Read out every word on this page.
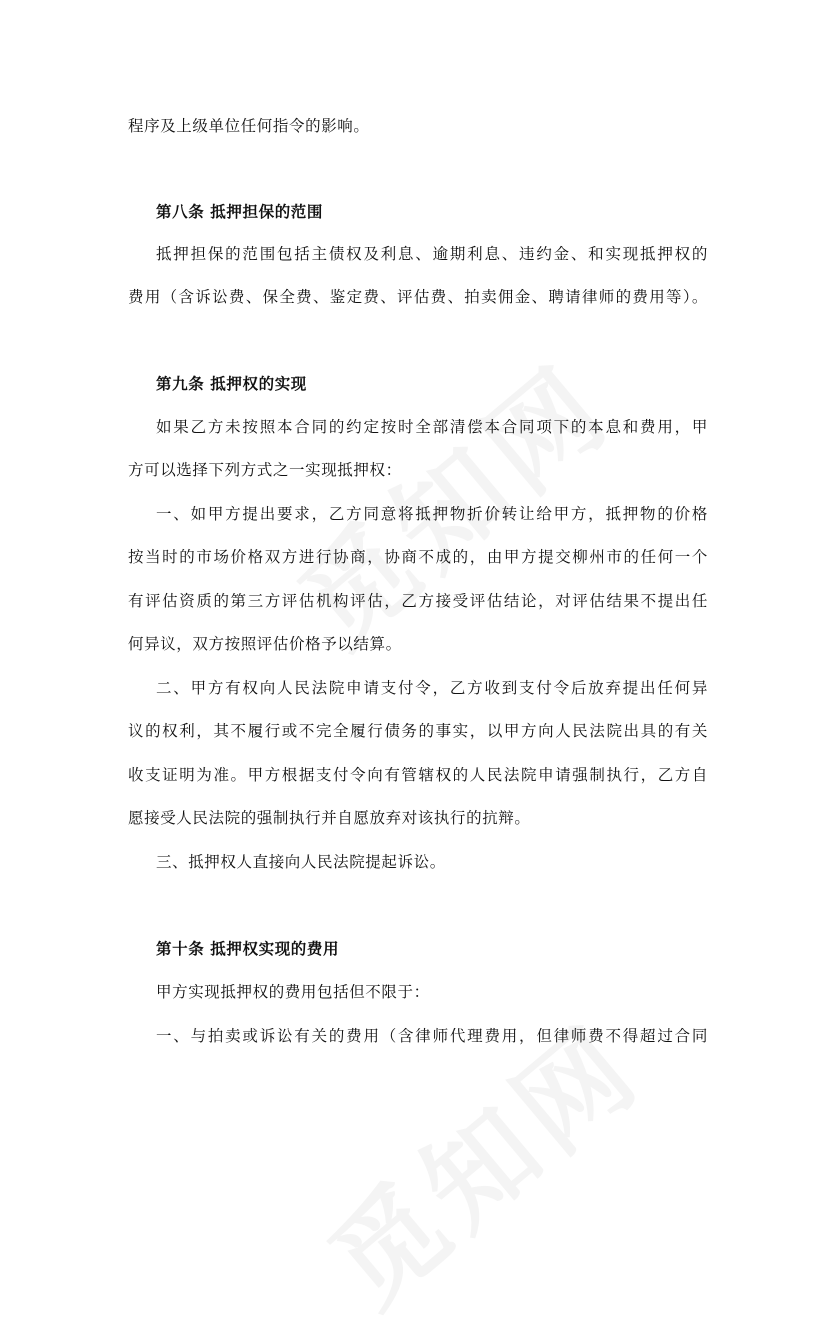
程序及上级单位任何指令的影响。
第八条 抵押担保的范围
抵押担保的范围包括主债权及利息、逾期利息、违约金、和实现抵押权的
费用（含诉讼费、保全费、鉴定费、评估费、拍卖佣金、聘请律师的费用等）。
第九条 抵押权的实现
如果乙方未按照本合同的约定按时全部清偿本合同项下的本息和费用，甲
方可以选择下列方式之一实现抵押权：
一、如甲方提出要求，乙方同意将抵押物折价转让给甲方，抵押物的价格
按当时的市场价格双方进行协商，协商不成的，由甲方提交柳州市的任何一个
有评估资质的第三方评估机构评估，乙方接受评估结论，对评估结果不提出任
何异议，双方按照评估价格予以结算。
二、甲方有权向人民法院申请支付令，乙方收到支付令后放弃提出任何异
议的权利，其不履行或不完全履行债务的事实，以甲方向人民法院出具的有关
收支证明为准。甲方根据支付令向有管辖权的人民法院申请强制执行，乙方自
愿接受人民法院的强制执行并自愿放弃对该执行的抗辩。
三、抵押权人直接向人民法院提起诉讼。
第十条 抵押权实现的费用
甲方实现抵押权的费用包括但不限于：
一、与拍卖或诉讼有关的费用（含律师代理费用，但律师费不得超过合同
